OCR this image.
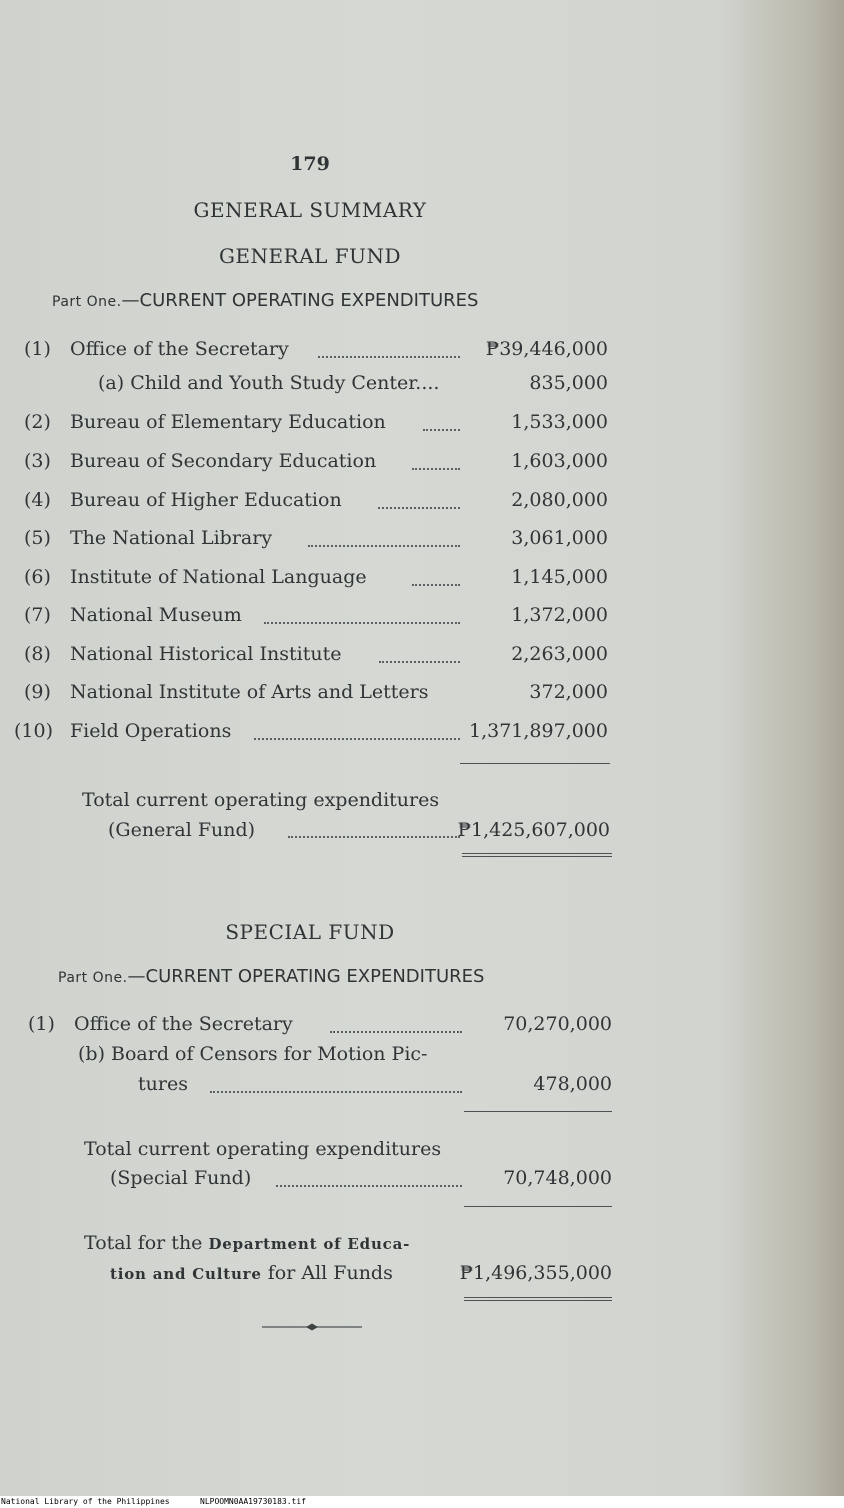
179
GENERAL SUMMARY
GENERAL FUND
Part One.—CURRENT OPERATING EXPENDITURES
(1) Office of the Secretary	₱39,446,000
(a) Child and Youth Study Center....	835,000
(2) Bureau of Elementary Education	1,533,000
(3) Bureau of Secondary Education	1,603,000
(4) Bureau of Higher Education	2,080,000
(5) The National Library	3,061,000
(6) Institute of National Language	1,145,000
(7) National Museum	1,372,000
(8) National Historical Institute	2,263,000
(9) National Institute of Arts and Letters	372,000
(10) Field Operations	1,371,897,000
Total current operating expenditures
(General Fund)	₱1,425,607,000
SPECIAL FUND
Part One.—CURRENT OPERATING EXPENDITURES
(1) Office of the Secretary	70,270,000
(b) Board of Censors for Motion Pic-
tures	478,000
Total current operating expenditures
(Special Fund)	70,748,000
Total for the Department of Educa-
tion and Culture for All Funds	₱1,496,355,000
National Library of the Philippines	NLPOOMN0AA19730183.tif
